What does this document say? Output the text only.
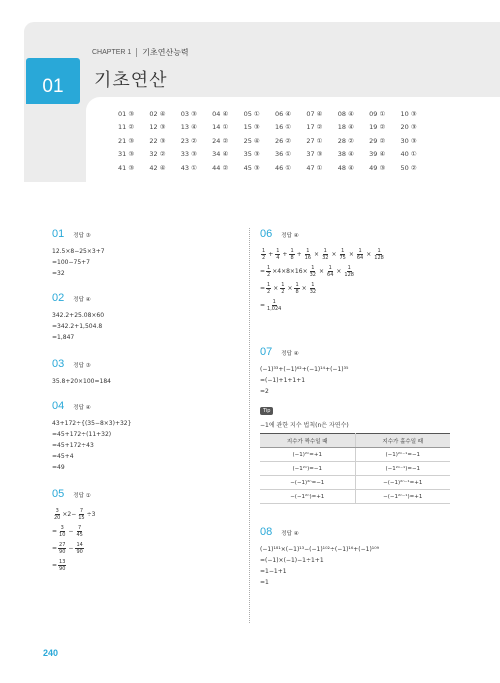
CHAPTER 1	기초연산능력
01	기초연산
01 ③	02 ④	03 ③	04 ④	05 ①	06 ④	07 ④	08 ④	09 ①	10 ③
11 ②	12 ③	13 ④	14 ①	15 ③	16 ①	17 ②	18 ④	19 ②	20 ③
21 ③	22 ③	23 ②	24 ②	25 ④	26 ②	27 ①	28 ②	29 ②	30 ③
31 ③	32 ②	33 ③	34 ④	35 ③	36 ①	37 ③	38 ④	39 ④	40 ①
41 ③	42 ④	43 ①	44 ②	45 ③	46 ①	47 ①	48 ④	49 ③	50 ②
01 정답 ③
12.5×8−25×3+7
=100−75+7
=32
02 정답 ④
342.2+25.08×60
=342.2+1,504.8
=1,847
03 정답 ③
35.8+20×100=184
04 정답 ④
43+172÷{(35−8×3)+32}
=45+172÷(11+32)
=45+172÷43
=45+4
=49
05 정답 ①
$\frac{3}{20} \times 2- \frac{7}{15} \div 3$
= $\frac{3}{10} - \frac{7}{45}$
= $\frac{27}{90} - \frac{14}{90}$
= $\frac{13}{90}$
06 정답 ④
$\frac{1}{2} + \frac{1}{4} + \frac{1}{8} + \frac{1}{16} \times \frac{1}{32} \times \frac{1}{75} \times \frac{1}{64} \times \frac{1}{128}$
= $\frac{1}{2} \times 4\times 8\times 16\times \frac{1}{32} \times \frac{1}{64} \times \frac{1}{128}$
= $\frac{1}{2} \times \frac{1}{2} \times \frac{1}{8} \times \frac{1}{32}$
= $\frac{1}{1,024}$
07 정답 ④
(−1)³³+(−1)⁶²+(−1)¹⁴+(−1)³⁵
=(−1)+1+1+1
=2
Tip
−1에 관한 지수 법칙(n은 자연수)
지수가 짝수일 때	지수가 홀수일 때
(−1)²ⁿ=+1	(−1)²ⁿ⁻¹=−1
(−1²ⁿ)=−1	(−1²ⁿ⁻¹)=−1
−(−1)²ⁿ=−1	−(−1)²ⁿ⁻¹=+1
−(−1²ⁿ)=+1	−(−1²ⁿ⁻¹)=+1
08 정답 ④
(−1)¹⁸¹×(−1)¹³−(−1)¹⁰²÷(−1)¹⁶+(−1)¹⁰⁹
=(−1)×(−1)−1÷1+1
=1−1+1
=1
240
